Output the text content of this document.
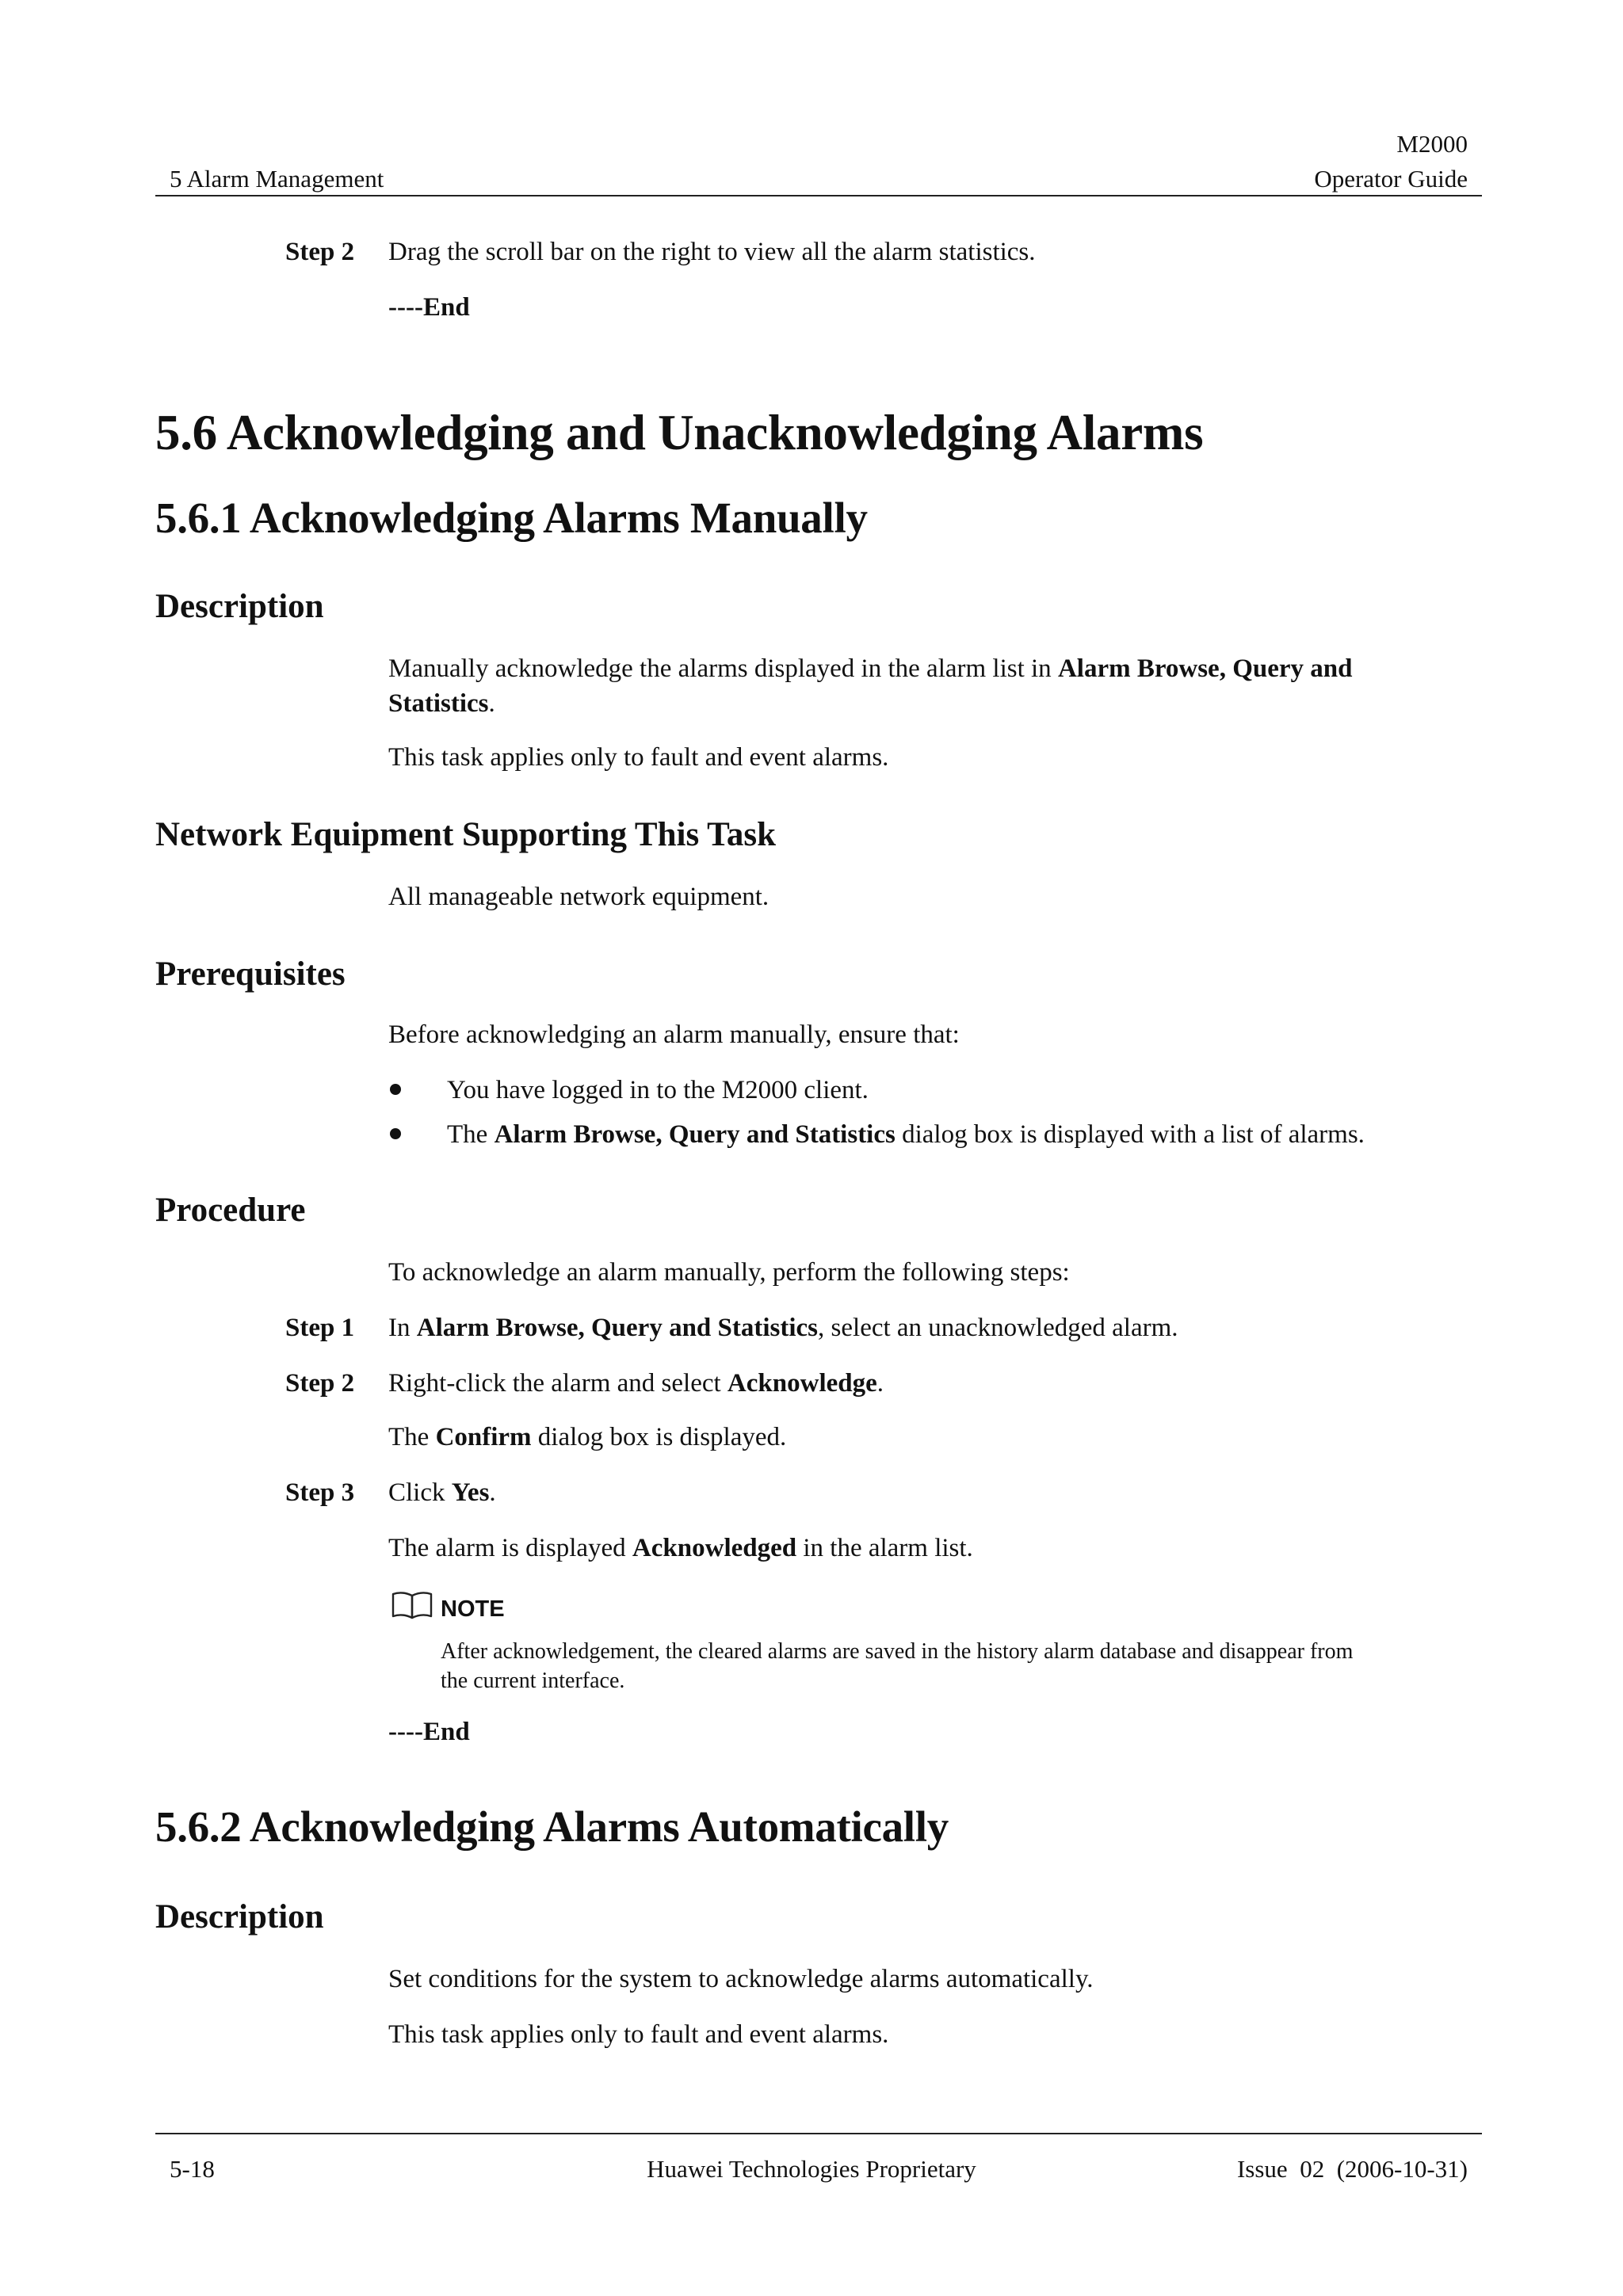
5 Alarm Management
M2000
Operator Guide
Step 2 Drag the scroll bar on the right to view all the alarm statistics.
----End
5.6 Acknowledging and Unacknowledging Alarms
5.6.1 Acknowledging Alarms Manually
Description
Manually acknowledge the alarms displayed in the alarm list in Alarm Browse, Query and
Statistics.
This task applies only to fault and event alarms.
Network Equipment Supporting This Task
All manageable network equipment.
Prerequisites
Before acknowledging an alarm manually, ensure that:
You have logged in to the M2000 client.
The Alarm Browse, Query and Statistics dialog box is displayed with a list of alarms.
Procedure
To acknowledge an alarm manually, perform the following steps:
Step 1 In Alarm Browse, Query and Statistics, select an unacknowledged alarm.
Step 2 Right-click the alarm and select Acknowledge.
The Confirm dialog box is displayed.
Step 3 Click Yes.
The alarm is displayed Acknowledged in the alarm list.
NOTE
After acknowledgement, the cleared alarms are saved in the history alarm database and disappear from
the current interface.
----End
5.6.2 Acknowledging Alarms Automatically
Description
Set conditions for the system to acknowledge alarms automatically.
This task applies only to fault and event alarms.
5-18	Huawei Technologies Proprietary	Issue  02  (2006-10-31)
